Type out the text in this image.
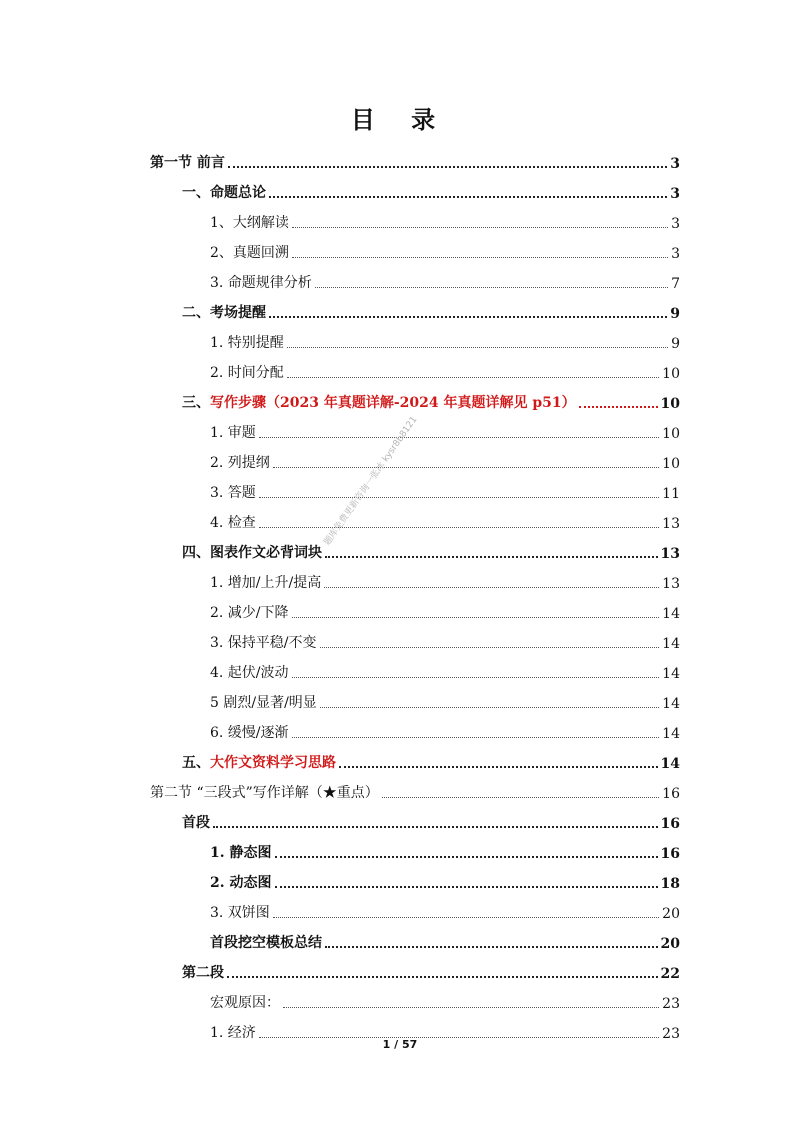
目 录
第一节 前言	3
一、命题总论	3
1、大纲解读	3
2、真题回溯	3
3. 命题规律分析	7
二、考场提醒	9
1. 特别提醒	9
2. 时间分配	10
三、写作步骤（2023 年真题详解-2024 年真题详解见 p51）	10
1. 审题	10
2. 列提纲	10
3. 答题	11
4. 检查	13
四、图表作文必背词块	13
1. 增加/上升/提高	13
2. 减少/下降	14
3. 保持平稳/不变	14
4. 起伏/波动	14
5 剧烈/显著/明显	14
6. 缓慢/逐渐	14
五、大作文资料学习思路	14
第二节 “三段式”写作详解（★重点）	16
首段	16
1. 静态图	16
2. 动态图	18
3. 双饼图	20
首段挖空模板总结	20
第二段	22
宏观原因：	23
1. 经济	23
题库免费更新咨询一张冰 kysr8b8121
1 / 57
